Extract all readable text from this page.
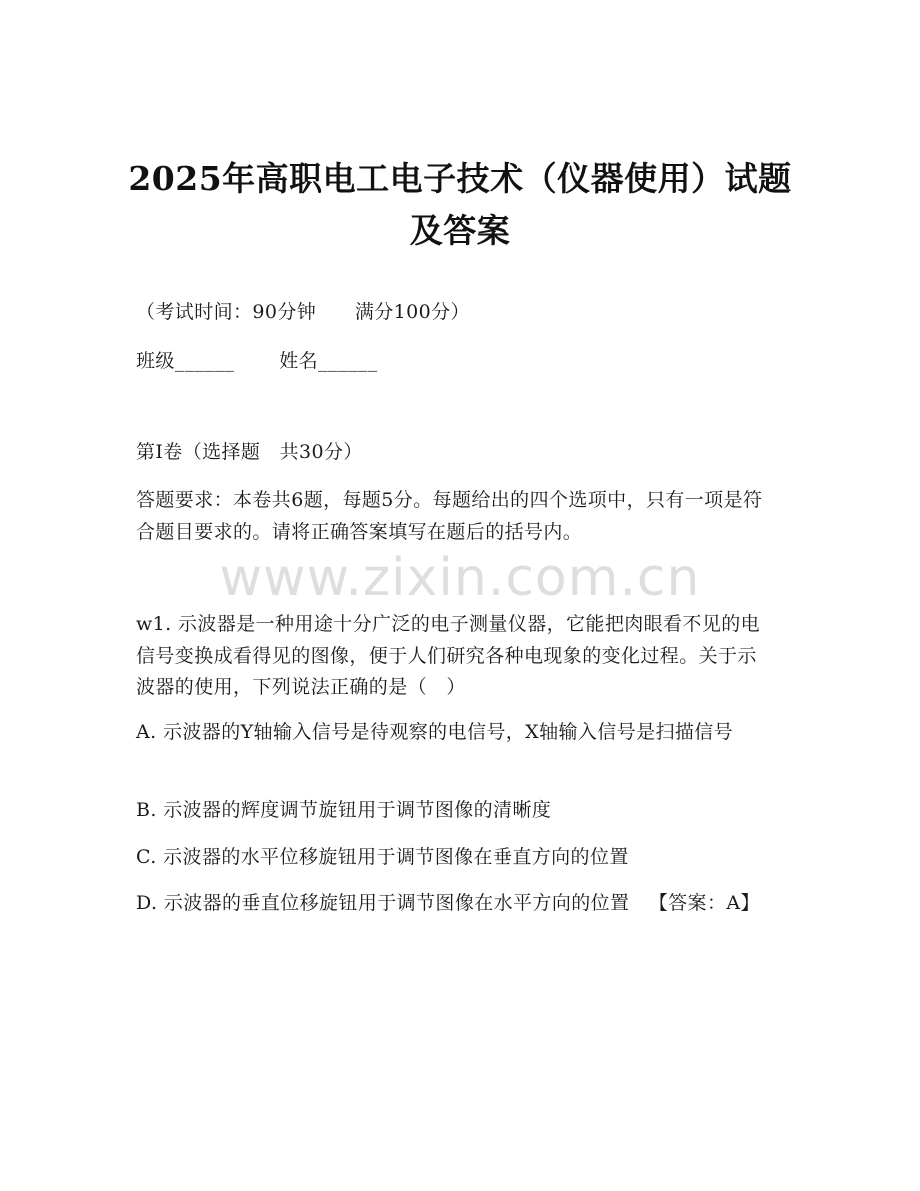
2025年高职电工电子技术（仪器使用）试题
及答案
（考试时间：90分钟      满分100分）
班级______       姓名______
第I卷（选择题   共30分）
答题要求：本卷共6题，每题5分。每题给出的四个选项中，只有一项是符合题目要求的。请将正确答案填写在题后的括号内。
www.zixin.com.cn
w1. 示波器是一种用途十分广泛的电子测量仪器，它能把肉眼看不见的电信号变换成看得见的图像，便于人们研究各种电现象的变化过程。关于示波器的使用，下列说法正确的是（   ）
A. 示波器的Y轴输入信号是待观察的电信号，X轴输入信号是扫描信号
B. 示波器的辉度调节旋钮用于调节图像的清晰度
C. 示波器的水平位移旋钮用于调节图像在垂直方向的位置
D. 示波器的垂直位移旋钮用于调节图像在水平方向的位置   【答案：A】
